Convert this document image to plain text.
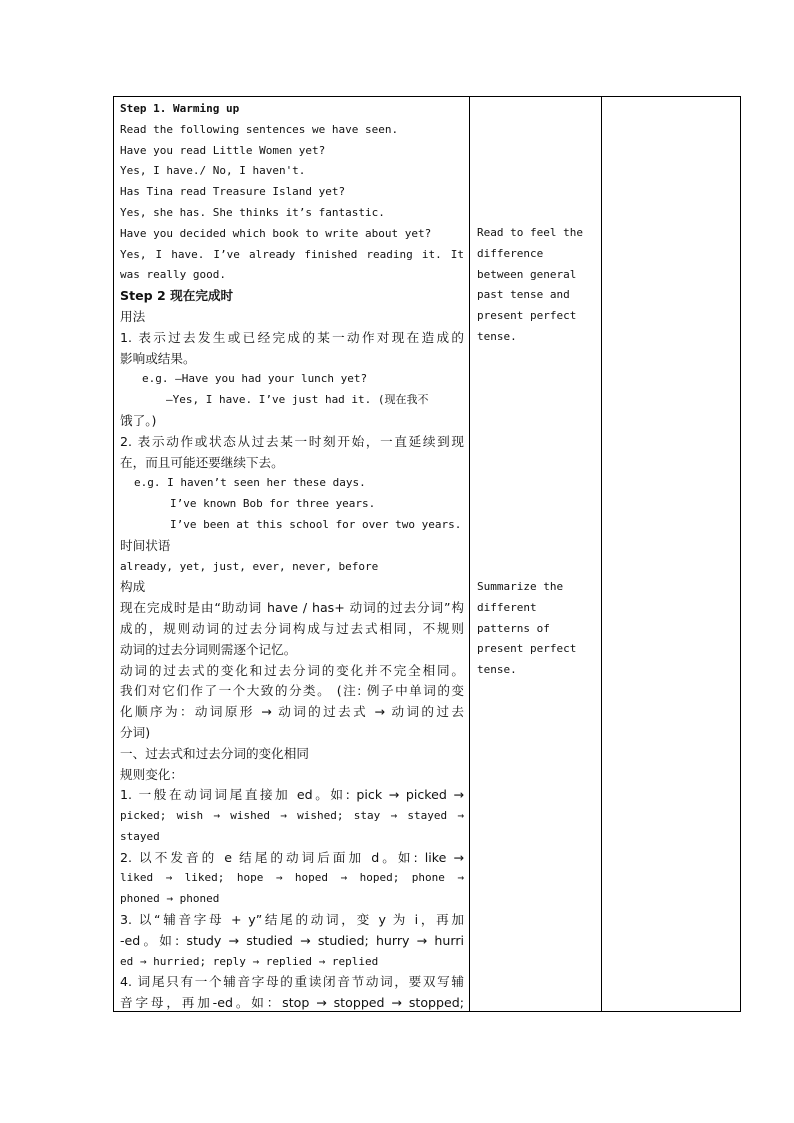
Step 1. Warming up
Read the following sentences we have seen.
Have you read Little Women yet?
Yes, I have./ No, I haven't.
Has Tina read Treasure Island yet?
Yes, she has. She thinks it’s fantastic.
Have you decided which book to write about yet?
Yes, I have. I’ve already finished reading it. It
was really good.
Step 2 现在完成时
用法
1. 表示过去发生或已经完成的某一动作对现在造成的
影响或结果。
e.g. –Have you had your lunch yet?
–Yes, I have. I’ve just had it. (现在我不
饿了。)
2. 表示动作或状态从过去某一时刻开始，一直延续到现
在，而且可能还要继续下去。
e.g. I haven’t seen her these days.
I’ve known Bob for three years.
I’ve been at this school for over two years.
时间状语
already, yet, just, ever, never, before
构成
现在完成时是由“助动词 have / has+ 动词的过去分词”构
成的，规则动词的过去分词构成与过去式相同，不规则
动词的过去分词则需逐个记忆。
动词的过去式的变化和过去分词的变化并不完全相同。
我们对它们作了一个大致的分类。 (注: 例子中单词的变
化顺序为：动词原形 → 动词的过去式 → 动词的过去
分词)
一、过去式和过去分词的变化相同
规则变化：
1. 一般在动词词尾直接加 ed。如: pick → picked →
picked; wish → wished → wished; stay → stayed →
stayed
2. 以不发音的 e 结尾的动词后面加 d。如: like →
liked → liked; hope → hoped → hoped; phone →
phoned → phoned
3. 以“辅音字母 + y”结尾的动词，变 y 为 i，再加
-ed。如: study → studied → studied; hurry → hurri
ed → hurried; reply → replied → replied
4. 词尾只有一个辅音字母的重读闭音节动词，要双写辅
音字母，再加-ed。如：stop → stopped → stopped;
Read to feel the
difference
between general
past tense and
present perfect
tense.
Summarize the
different
patterns of
present perfect
tense.
